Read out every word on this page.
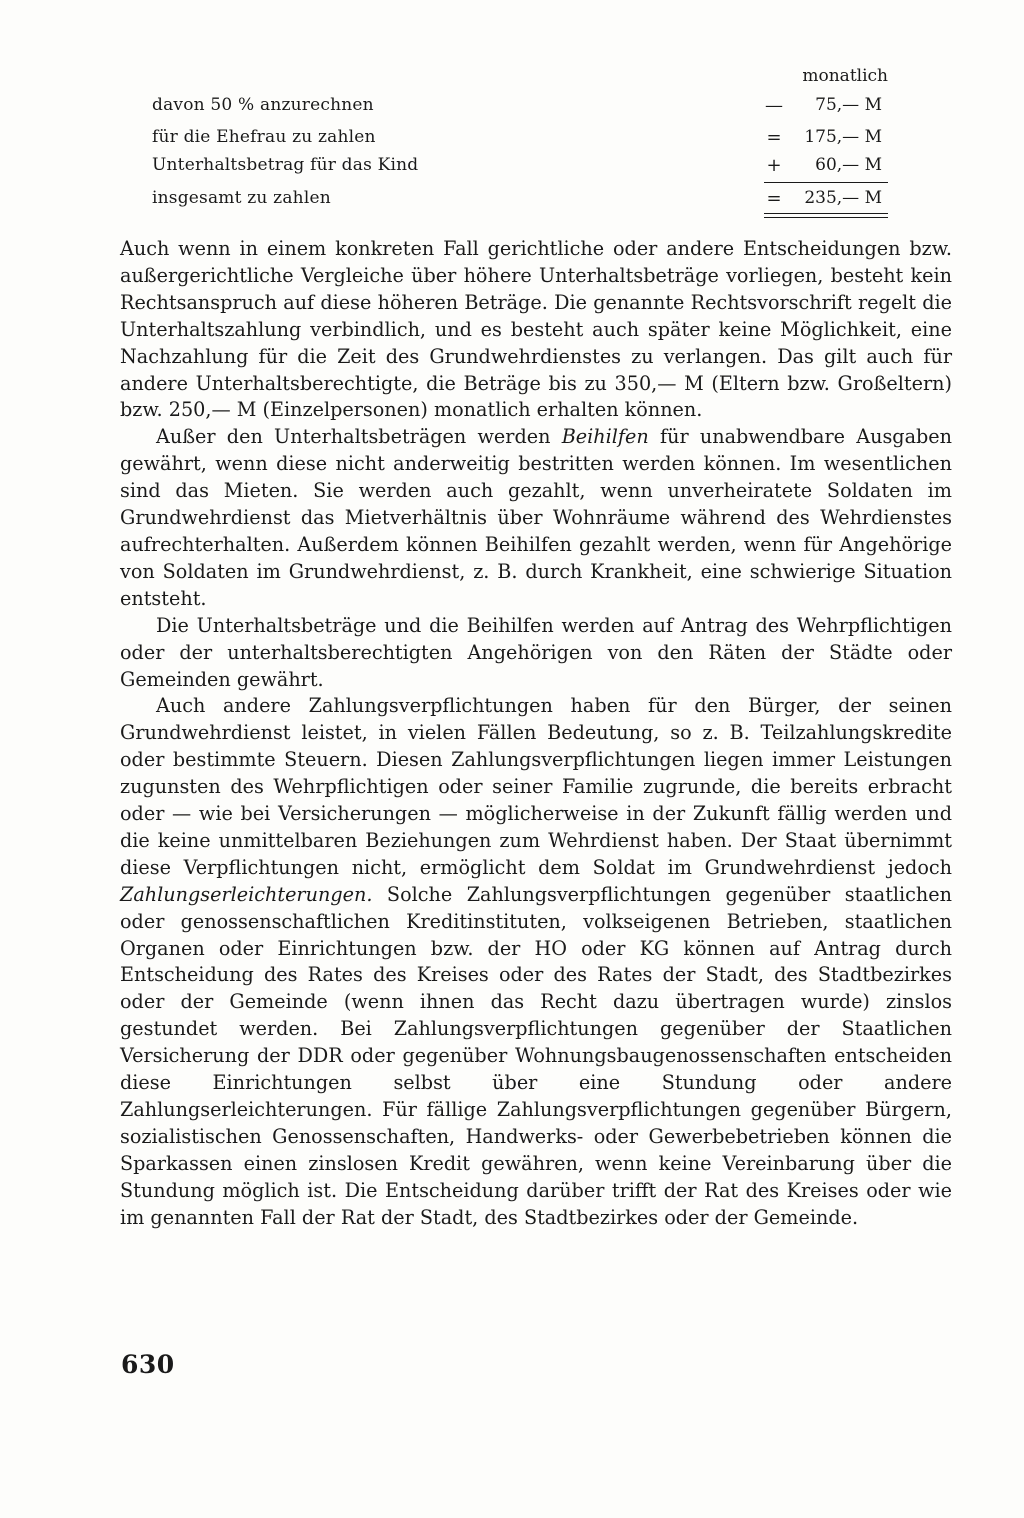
monatlich
davon 50 % anzurechnen	— 75,— M
für die Ehefrau zu zahlen	= 175,— M
Unterhaltsbetrag für das Kind	+ 60,— M
insgesamt zu zahlen	= 235,— M

Auch wenn in einem konkreten Fall gerichtliche oder andere Entscheidungen bzw. außergerichtliche Vergleiche über höhere Unterhaltsbeträge vorliegen, besteht kein Rechtsanspruch auf diese höheren Beträge. Die genannte Rechtsvorschrift regelt die Unterhaltszahlung verbindlich, und es besteht auch später keine Möglichkeit, eine Nachzahlung für die Zeit des Grundwehrdienstes zu verlangen. Das gilt auch für andere Unterhaltsberechtigte, die Beträge bis zu 350,— M (Eltern bzw. Großeltern) bzw. 250,— M (Einzelpersonen) monatlich erhalten können.

Außer den Unterhaltsbeträgen werden Beihilfen für unabwendbare Ausgaben gewährt, wenn diese nicht anderweitig bestritten werden können. Im wesentlichen sind das Mieten. Sie werden auch gezahlt, wenn unverheiratete Soldaten im Grundwehrdienst das Mietverhältnis über Wohnräume während des Wehrdienstes aufrechterhalten. Außerdem können Beihilfen gezahlt werden, wenn für Angehörige von Soldaten im Grundwehrdienst, z. B. durch Krankheit, eine schwierige Situation entsteht.

Die Unterhaltsbeträge und die Beihilfen werden auf Antrag des Wehrpflichtigen oder der unterhaltsberechtigten Angehörigen von den Räten der Städte oder Gemeinden gewährt.

Auch andere Zahlungsverpflichtungen haben für den Bürger, der seinen Grundwehrdienst leistet, in vielen Fällen Bedeutung, so z. B. Teilzahlungskredite oder bestimmte Steuern. Diesen Zahlungsverpflichtungen liegen immer Leistungen zugunsten des Wehrpflichtigen oder seiner Familie zugrunde, die bereits erbracht oder — wie bei Versicherungen — möglicherweise in der Zukunft fällig werden und die keine unmittelbaren Beziehungen zum Wehrdienst haben. Der Staat übernimmt diese Verpflichtungen nicht, ermöglicht dem Soldat im Grundwehrdienst jedoch Zahlungserleichterungen. Solche Zahlungsverpflichtungen gegenüber staatlichen oder genossenschaftlichen Kreditinstituten, volkseigenen Betrieben, staatlichen Organen oder Einrichtungen bzw. der HO oder KG können auf Antrag durch Entscheidung des Rates des Kreises oder des Rates der Stadt, des Stadtbezirkes oder der Gemeinde (wenn ihnen das Recht dazu übertragen wurde) zinslos gestundet werden. Bei Zahlungsverpflichtungen gegenüber der Staatlichen Versicherung der DDR oder gegenüber Wohnungsbaugenossenschaften entscheiden diese Einrichtungen selbst über eine Stundung oder andere Zahlungserleichterungen. Für fällige Zahlungsverpflichtungen gegenüber Bürgern, sozialistischen Genossenschaften, Handwerks- oder Gewerbebetrieben können die Sparkassen einen zinslosen Kredit gewähren, wenn keine Vereinbarung über die Stundung möglich ist. Die Entscheidung darüber trifft der Rat des Kreises oder wie im genannten Fall der Rat der Stadt, des Stadtbezirkes oder der Gemeinde.

630
